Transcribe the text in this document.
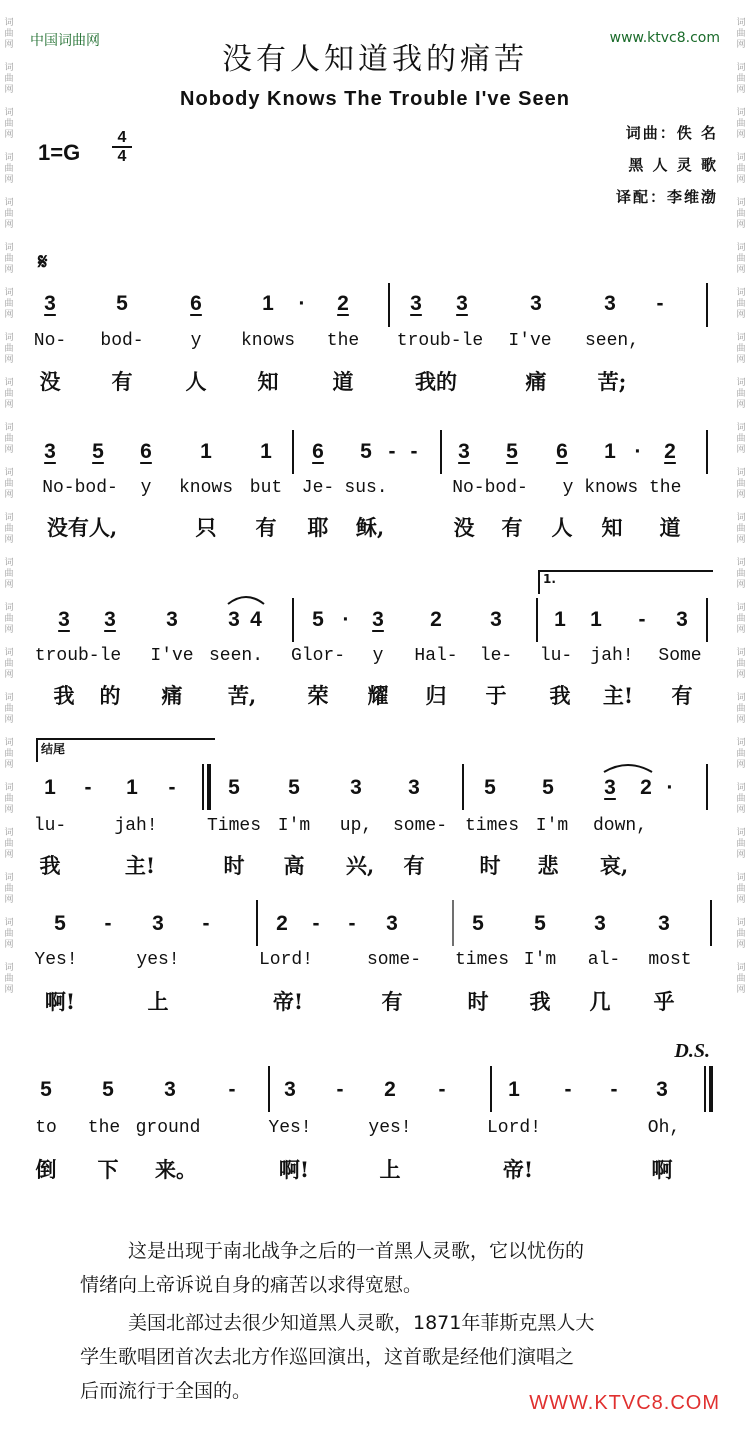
中国词曲网	www.ktvc8.com
词曲网
词曲网
词曲网
词曲网
词曲网
词曲网
词曲网
词曲网
词曲网
词曲网
词曲网
词曲网
词曲网
词曲网
词曲网
词曲网
词曲网
词曲网
词曲网
词曲网
词曲网
词曲网
词曲网
词曲网
词曲网
词曲网
词曲网
词曲网
词曲网
词曲网
词曲网
词曲网
词曲网
词曲网
词曲网
词曲网
词曲网
词曲网
词曲网
词曲网
词曲网
词曲网
词曲网
词曲网
没有人知道我的痛苦
Nobody Knows The Trouble I've Seen
1=G
4
4
词曲：佚 名
黑 人 灵 歌
译配：李维渤
𝄋
3	5	6	1 · 2	3 3	3	3 -
No- bod-	y knows the troub-le I've seen,
没 有	人 知	道	我的	痛 苦;
3 5 6 1 1 6 5 - - 3 5 6 1 · 2
No-bod- y knows but Je- sus.	No-bod- y knows the
没有人,	只 有 耶 稣,	没 有 人 知 道
1.
3 3 3 3 4 5 · 3 2 3 1 1 - 3
troub-le I've seen. Glor- y Hal- le- lu- jah! Some
我 的 痛 苦, 荣 耀 归 于 我 主! 有
结尾
1 - 1 -	5 5 3 3	5 5 3 2 ·
lu-	jah!	Times I'm up, some- times I'm down,
我	主!	时 高 兴, 有	时 悲 哀,
5 - 3 -	2 - - 3	5 5 3 3
Yes!	yes!	Lord!	some- times I'm al- most
啊!	上	帝!	有	时 我 几 乎
D.S.
5 5 3	- 3 - 2 -	1 - - 3
to the ground	Yes!	yes!	Lord!	Oh,
倒 下 来。	啊!	上	帝!	啊
这是出现于南北战争之后的一首黑人灵歌，它以忧伤的
情绪向上帝诉说自身的痛苦以求得宽慰。
美国北部过去很少知道黑人灵歌，1871年菲斯克黑人大
学生歌唱团首次去北方作巡回演出，这首歌是经他们演唱之
后而流行于全国的。
WWW.KTVC8.COM
